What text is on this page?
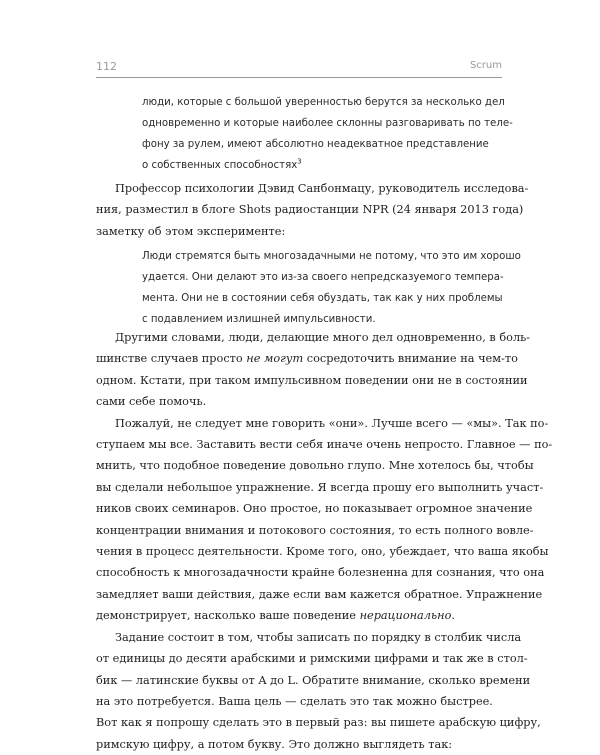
112	Scrum

люди, которые с большой уверенностью берутся за несколько дел

одновременно и которые наиболее склонны разговаривать по теле-

фону за рулем, имеют абсолютно неадекватное представление

о собственных способностях$^3$

Профессор психологии Дэвид Санбонмацу, руководитель исследова-

ния, разместил в блоге Shots радиостанции NPR (24 января 2013 года)

заметку об этом эксперименте:

Люди стремятся быть многозадачными не потому, что это им хорошо

удается. Они делают это из-за своего непредсказуемого темпера-

мента. Они не в состоянии себя обуздать, так как у них проблемы

с подавлением излишней импульсивности.

Другими словами, люди, делающие много дел одновременно, в боль-

шинстве случаев просто не могут сосредоточить внимание на чем-то

одном. Кстати, при таком импульсивном поведении они не в состоянии

сами себе помочь.

Пожалуй, не следует мне говорить «они». Лучше всего — «мы». Так по-

ступаем мы все. Заставить вести себя иначе очень непросто. Главное — по-

мнить, что подобное поведение довольно глупо. Мне хотелось бы, чтобы

вы сделали небольшое упражнение. Я всегда прошу его выполнить участ-

ников своих семинаров. Оно простое, но показывает огромное значение

концентрации внимания и потокового состояния, то есть полного вовле-

чения в процесс деятельности. Кроме того, оно, убеждает, что ваша якобы

способность к многозадачности крайне болезненна для сознания, что она

замедляет ваши действия, даже если вам кажется обратное. Упражнение

демонстрирует, насколько ваше поведение нерационально.

Задание состоит в том, чтобы записать по порядку в столбик числа

от единицы до десяти арабскими и римскими цифрами и так же в стол-

бик — латинские буквы от A до L. Обратите внимание, сколько времени

на это потребуется. Ваша цель — сделать это так можно быстрее.

Вот как я попрошу сделать это в первый раз: вы пишете арабскую цифру,

римскую цифру, а потом букву. Это должно выглядеть так:
